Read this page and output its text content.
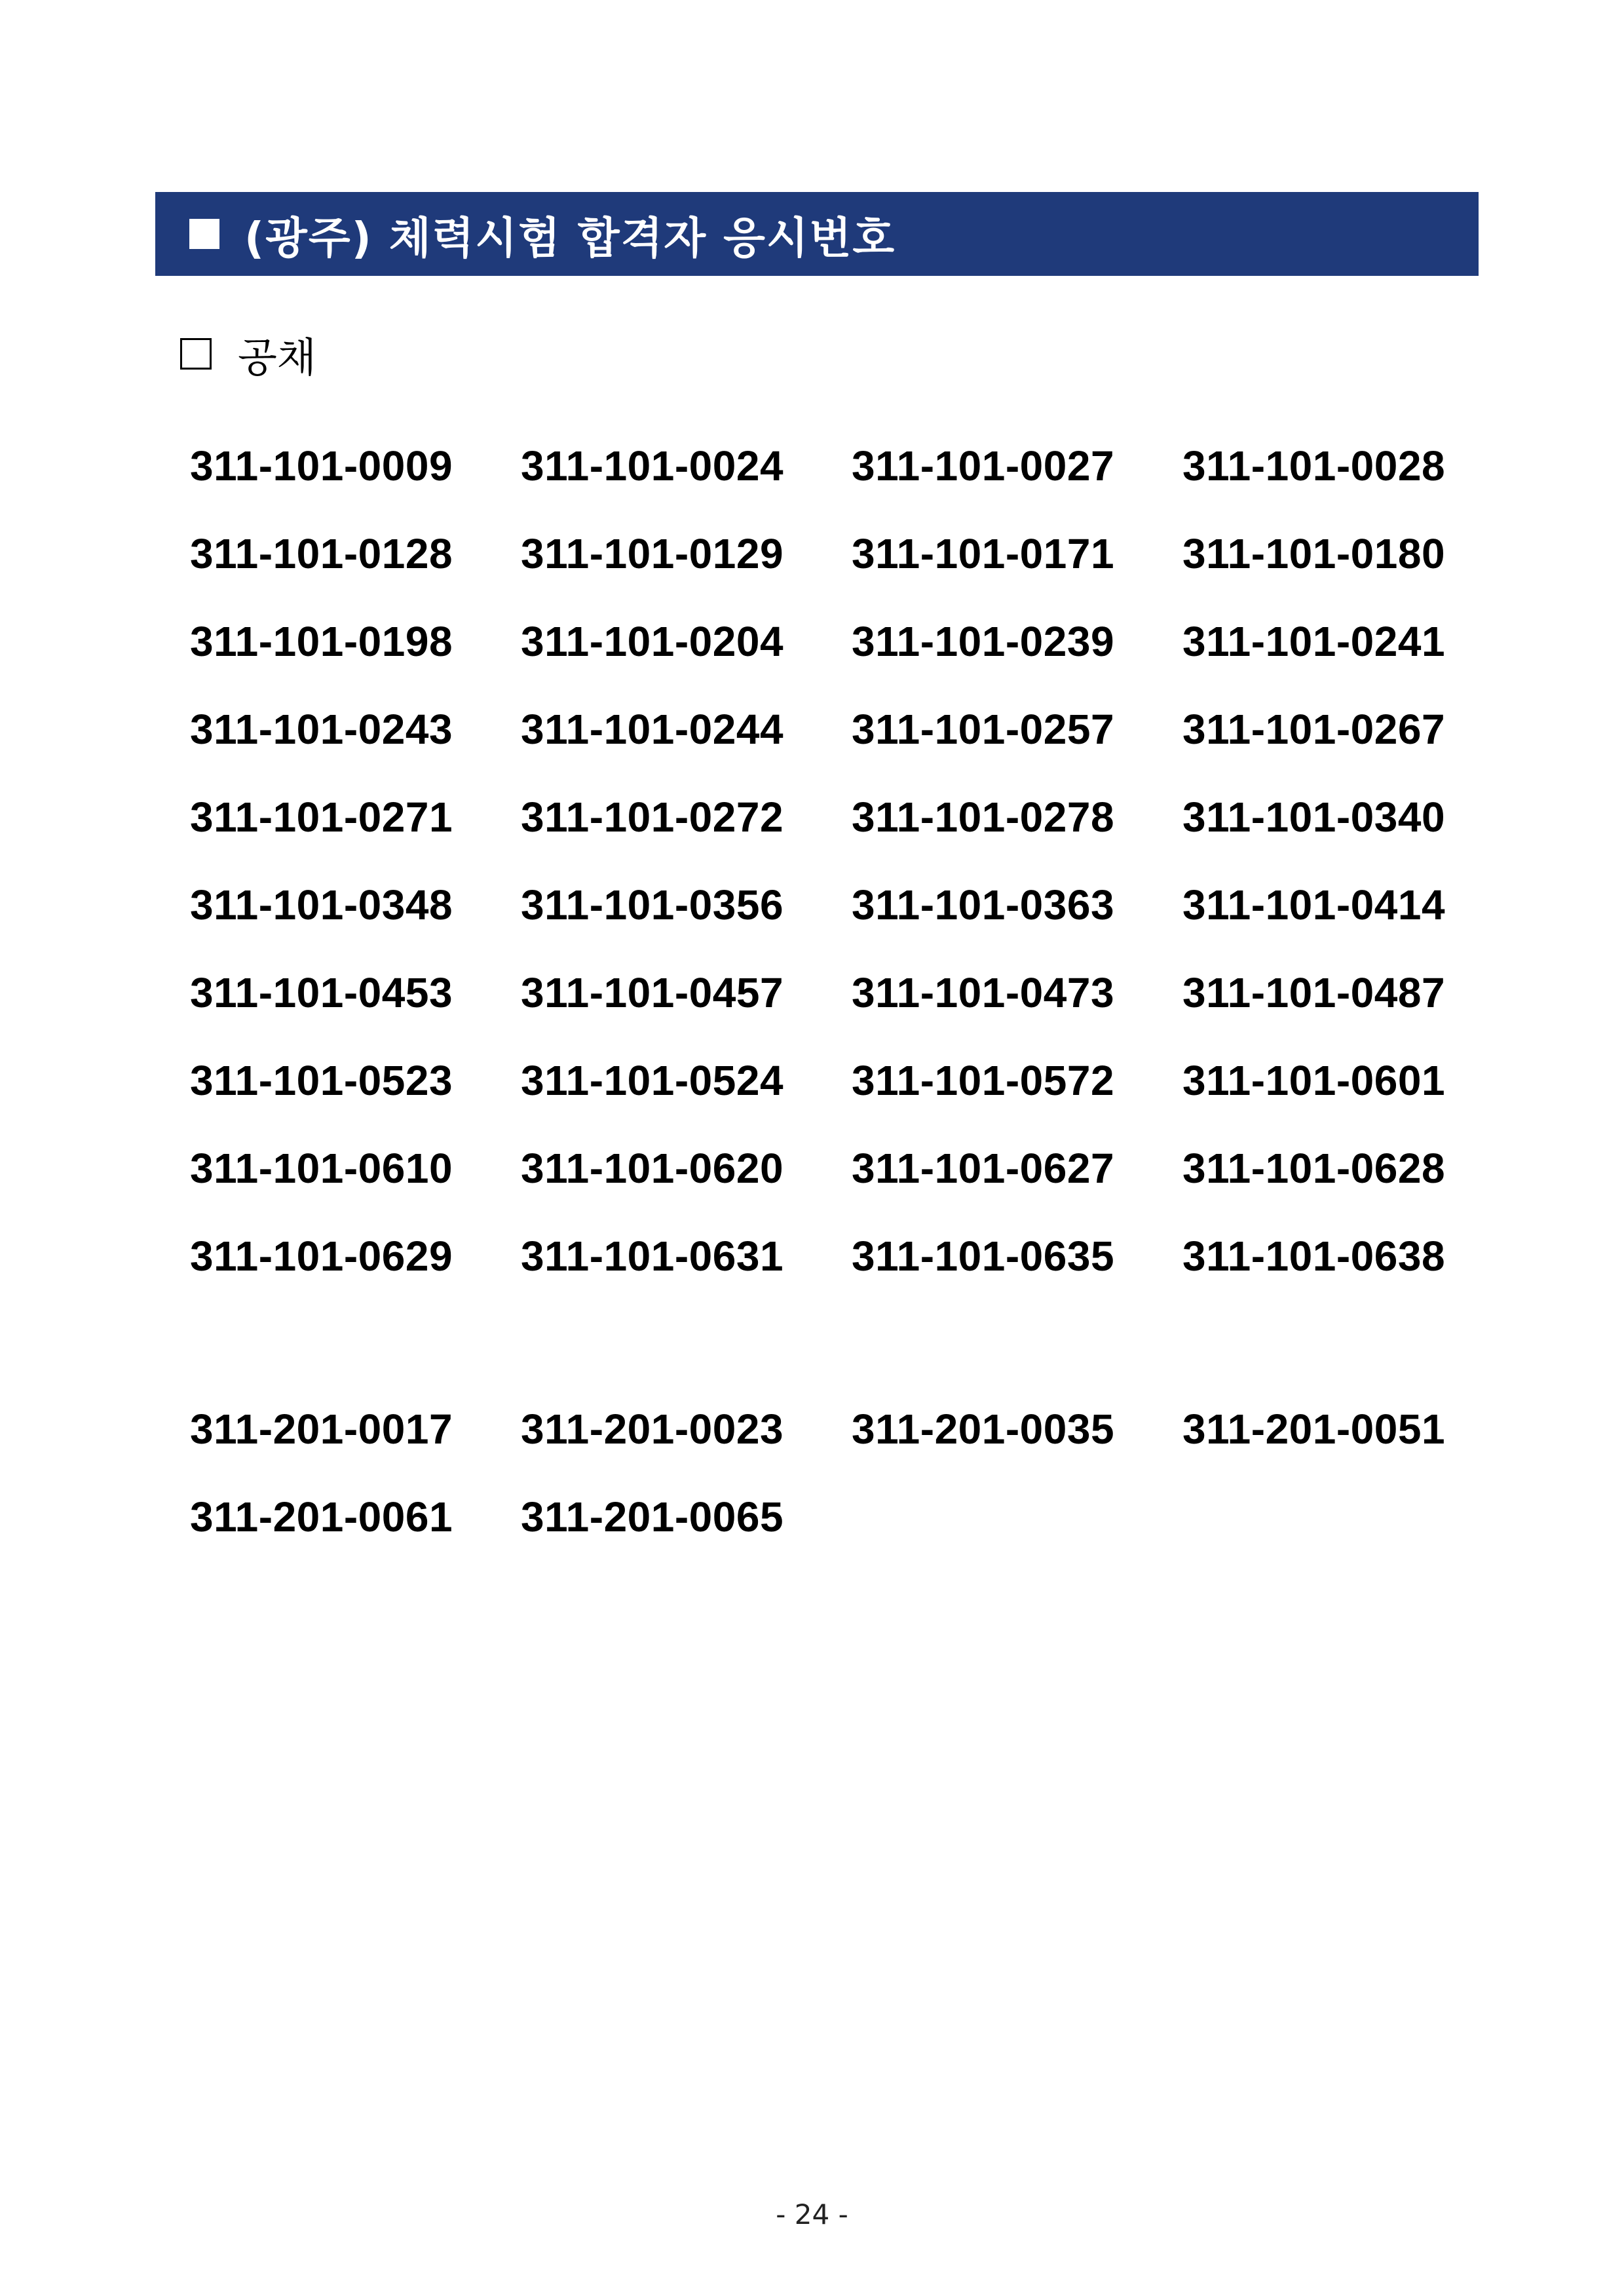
(광주) 체력시험 합격자 응시번호
공채
311-101-0009	311-101-0024	311-101-0027	311-101-0028
311-101-0128	311-101-0129	311-101-0171	311-101-0180
311-101-0198	311-101-0204	311-101-0239	311-101-0241
311-101-0243	311-101-0244	311-101-0257	311-101-0267
311-101-0271	311-101-0272	311-101-0278	311-101-0340
311-101-0348	311-101-0356	311-101-0363	311-101-0414
311-101-0453	311-101-0457	311-101-0473	311-101-0487
311-101-0523	311-101-0524	311-101-0572	311-101-0601
311-101-0610	311-101-0620	311-101-0627	311-101-0628
311-101-0629	311-101-0631	311-101-0635	311-101-0638
311-201-0017	311-201-0023	311-201-0035	311-201-0051
311-201-0061	311-201-0065
- 24 -
